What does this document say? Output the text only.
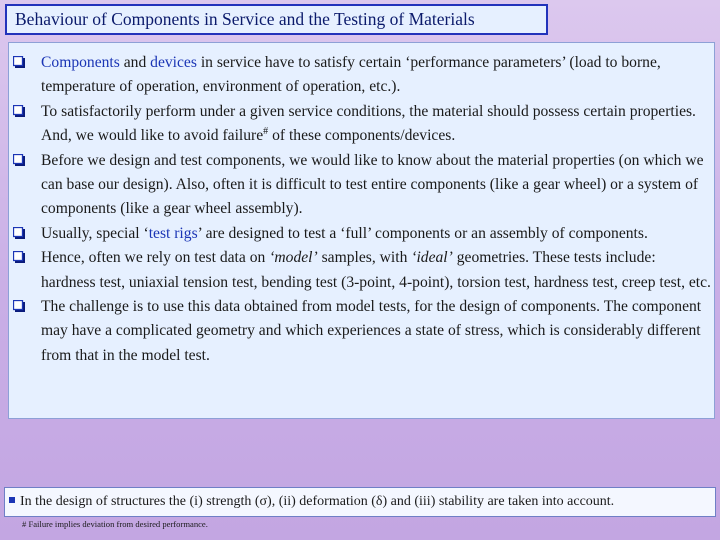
Behaviour of Components in Service and the Testing of Materials
Components and devices in service have to satisfy certain ‘performance parameters’ (load to borne, temperature of operation, environment of operation, etc.).
To satisfactorily perform under a given service conditions, the material should possess certain properties. And, we would like to avoid failure# of these components/devices.
Before we design and test components, we would like to know about the material properties (on which we can base our design). Also, often it is difficult to test entire components (like a gear wheel) or a system of components (like a gear wheel assembly).
Usually, special ‘test rigs’ are designed to test a ‘full’ components or an assembly of components.
Hence, often we rely on test data on ‘model’ samples, with ‘ideal’ geometries. These tests include: hardness test, uniaxial tension test, bending test (3-point, 4-point), torsion test, hardness test, creep test, etc.
The challenge is to use this data obtained from model tests, for the design of components. The component may have a complicated geometry and which experiences a state of stress, which is considerably different from that in the model test.
In the design of structures the (i) strength (σ), (ii) deformation (δ) and (iii) stability are taken into account.
# Failure implies deviation from desired performance.
